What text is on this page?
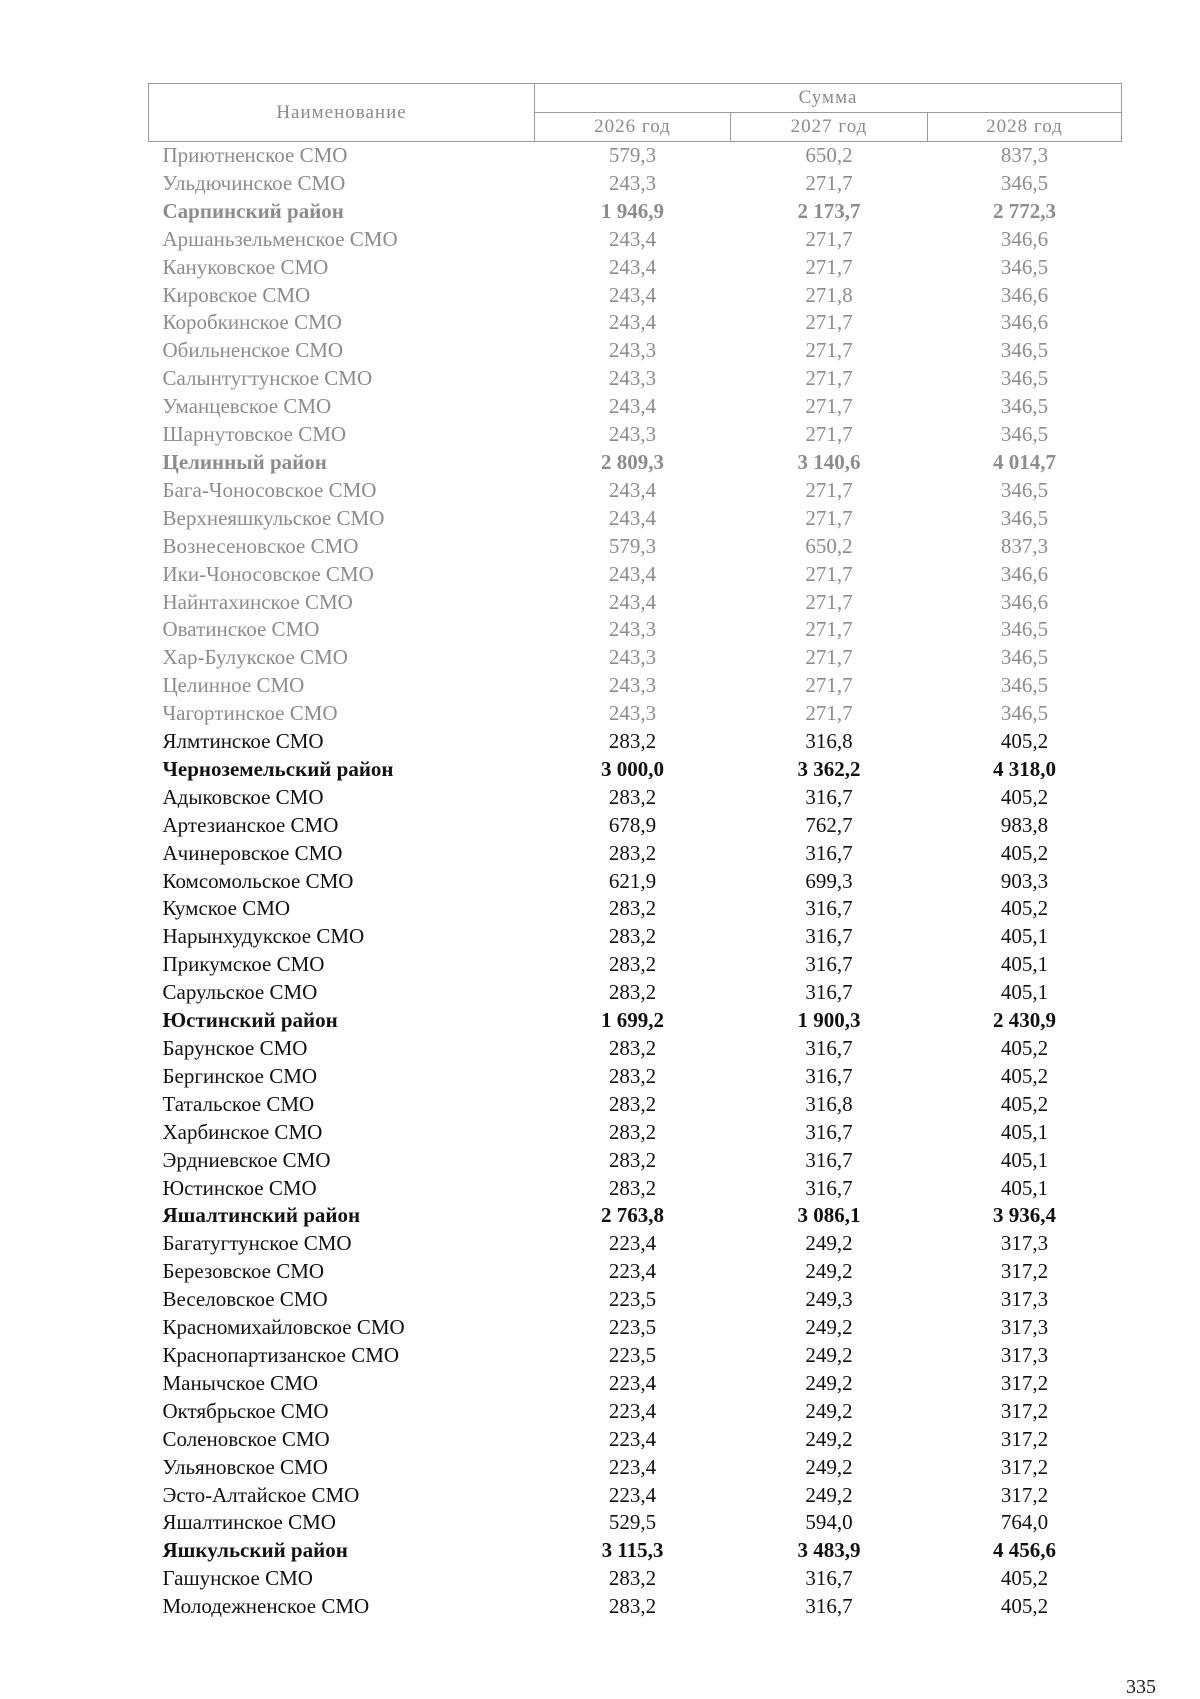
Наименование	Сумма		
	2026 год	2027 год	2028 год
Приютненское СМО	579,3	650,2	837,3
Ульдючинское СМО	243,3	271,7	346,5
Сарпинский район	1 946,9	2 173,7	2 772,3
Аршаньзельменское СМО	243,4	271,7	346,6
Кануковское СМО	243,4	271,7	346,5
Кировское СМО	243,4	271,8	346,6
Коробкинское СМО	243,4	271,7	346,6
Обильненское СМО	243,3	271,7	346,5
Салынтугтунское СМО	243,3	271,7	346,5
Уманцевское СМО	243,4	271,7	346,5
Шарнутовское СМО	243,3	271,7	346,5
Целинный район	2 809,3	3 140,6	4 014,7
Бага-Чоносовское СМО	243,4	271,7	346,5
Верхнеяшкульское СМО	243,4	271,7	346,5
Вознесеновское СМО	579,3	650,2	837,3
Ики-Чоносовское СМО	243,4	271,7	346,6
Найнтахинское СМО	243,4	271,7	346,6
Оватинское СМО	243,3	271,7	346,5
Хар-Булукское СМО	243,3	271,7	346,5
Целинное СМО	243,3	271,7	346,5
Чагортинское СМО	243,3	271,7	346,5
Ялмтинское СМО	283,2	316,8	405,2
Черноземельский район	3 000,0	3 362,2	4 318,0
Адыковское СМО	283,2	316,7	405,2
Артезианское СМО	678,9	762,7	983,8
Ачинеровское СМО	283,2	316,7	405,2
Комсомольское СМО	621,9	699,3	903,3
Кумское СМО	283,2	316,7	405,2
Нарынхудукское СМО	283,2	316,7	405,1
Прикумское СМО	283,2	316,7	405,1
Сарульское СМО	283,2	316,7	405,1
Юстинский район	1 699,2	1 900,3	2 430,9
Барунское СМО	283,2	316,7	405,2
Бергинское СМО	283,2	316,7	405,2
Татальское СМО	283,2	316,8	405,2
Харбинское СМО	283,2	316,7	405,1
Эрдниевское СМО	283,2	316,7	405,1
Юстинское СМО	283,2	316,7	405,1
Яшалтинский район	2 763,8	3 086,1	3 936,4
Багатугтунское СМО	223,4	249,2	317,3
Березовское СМО	223,4	249,2	317,2
Веселовское СМО	223,5	249,3	317,3
Красномихайловское СМО	223,5	249,2	317,3
Краснопартизанское СМО	223,5	249,2	317,3
Манычское СМО	223,4	249,2	317,2
Октябрьское СМО	223,4	249,2	317,2
Соленовское СМО	223,4	249,2	317,2
Ульяновское СМО	223,4	249,2	317,2
Эсто-Алтайское СМО	223,4	249,2	317,2
Яшалтинское СМО	529,5	594,0	764,0
Яшкульский район	3 115,3	3 483,9	4 456,6
Гашунское СМО	283,2	316,7	405,2
Молодежненское СМО	283,2	316,7	405,2
335
